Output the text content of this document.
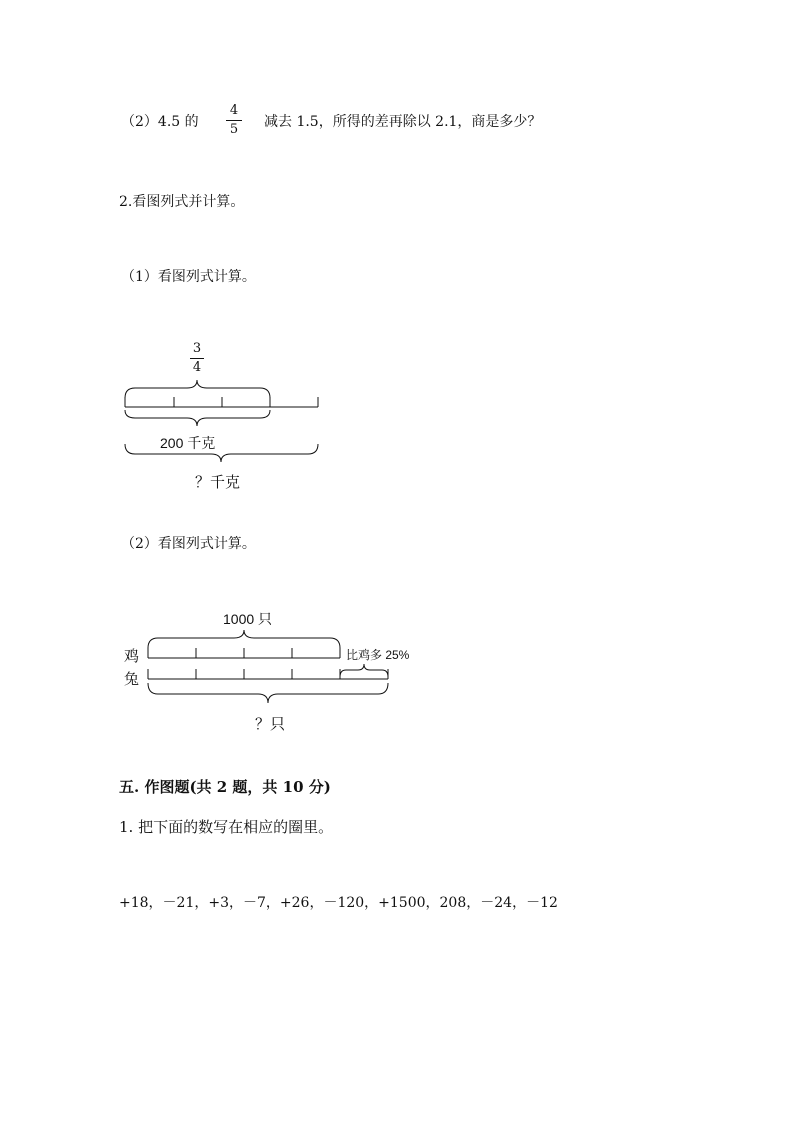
（2）4.5 的
4
5 减去 1.5，所得的差再除以 2.1，商是多少？
2.看图列式并计算。
（1）看图列式计算。
3
4
200 千克
？千克
（2）看图列式计算。
1000 只
鸡
兔
比鸡多 25%
？只
五. 作图题(共 2 题，共 10 分)
1. 把下面的数写在相应的圈里。
+18，－21，+3，－7，+26，－120，+1500，208，－24，－12
